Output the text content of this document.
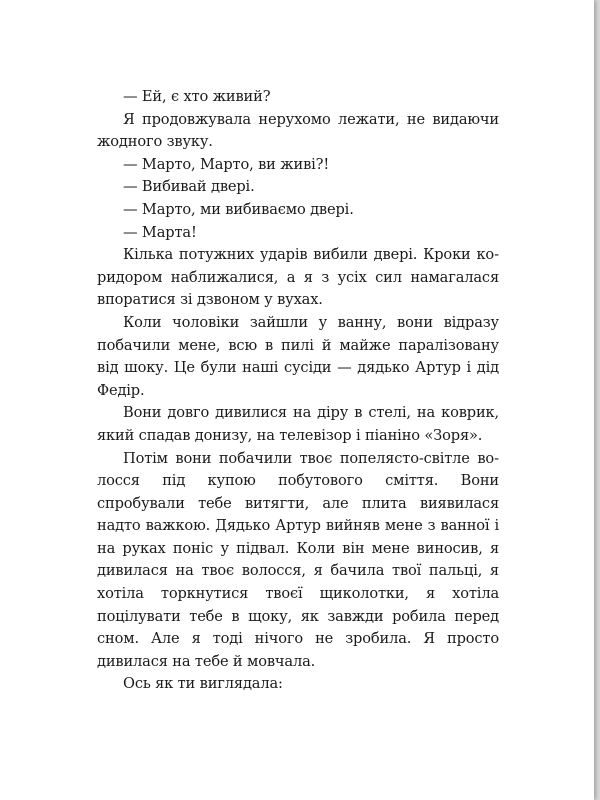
— Ей, є хто живий?

Я продовжувала нерухомо лежати, не видаючи жодного звуку.

— Марто, Марто, ви живі?!

— Вибивай двері.

— Марто, ми вибиваємо двері.

— Марта!

Кілька потужних ударів вибили двері. Кроки коридором наближалися, а я з усіх сил намагалася впоратися зі дзвоном у вухах.

Коли чоловіки зайшли у ванну, вони відразу побачили мене, всю в пилі й майже паралізовану від шоку. Це були наші сусіди — дядько Артур і дід Федір.

Вони довго дивилися на діру в стелі, на коврик, який спадав донизу, на телевізор і піаніно «Зоря».

Потім вони побачили твоє попелясто-світле волосся під купою побутового сміття. Вони спробували тебе витягти, але плита виявилася надто важкою. Дядько Артур вийняв мене з ванної і на руках поніс у підвал. Коли він мене виносив, я дивилася на твоє волосся, я бачила твої пальці, я хотіла торкнутися твоєї щиколотки, я хотіла поцілувати тебе в щоку, як завжди робила перед сном. Але я тоді нічого не зробила. Я просто дивилася на тебе й мовчала.

Ось як ти виглядала:
